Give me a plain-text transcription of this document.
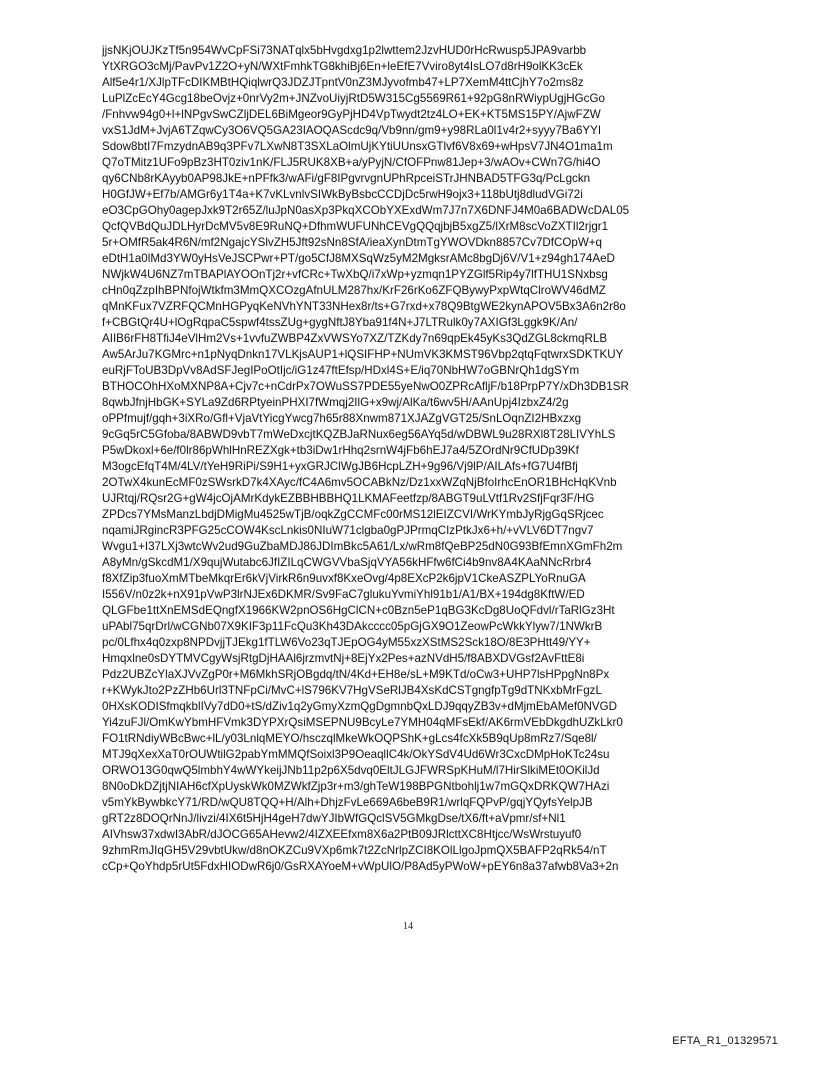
jjsNKjOUJKzTf5n954WvCpFSi73NATqlx5bHvgdxg1p2lwttem2JzvHUD0rHcRwusp5JPA9varbb
YtXRGO3cMj/PavPv1Z2O+yN/WXtFmhkTG8khiBj6En+leEfE7Vviro8yt4IsLO7d8rH9olKK3cEk
Alf5e4r1/XJlpTFcDIKMBtHQiqlwrQ3JDZJTpntV0nZ3MJyvofmb47+LP7XemM4ttCjhY7o2ms8z
LuPlZcEcY4Gcg18beOvjz+0nrVy2m+JNZvoUiyjRtD5W315Cg5569R61+92pG8nRWiypUgjHGcGo
/Fnhvw94g0+l+lNPgvSwCZljDEL6BiMgeor9GyPjHD4VpTwydt2tz4LO+EK+KT5MS15PY/AjwFZW
vxS1JdM+JvjA6TZqwCy3O6VQ5GA23IAOQAScdc9q/Vb9nn/gm9+y98RLa0l1v4r2+syyy7Ba6YYI
Sdow8btI7FmzydnAB9q3PFv7LXwN8T3SXLaOlmUjKYtiUUnsxGTlvf6V8x69+wHpsV7JN4O1ma1m
Q7oTMitz1UFo9pBz3HT0ziv1nK/FLJ5RUK8XB+a/yPyjN/CfOFPnw81Jep+3/wAOv+CWn7G/hi4O
qy6CNb8rKAyyb0AP98JkE+nPFfk3/wAFi/gF8IPgvrvgnUPhRpceiSTrJHNBAD5TFG3q/PcLgckn
H0GfJW+Ef7b/AMGr6y1T4a+K7vKLvnlvSIWkByBsbcCCDjDc5rwH9ojx3+118bUtj8dludVGi72i
eO3CpGOhy0agepJxk9T2r65Z/luJpN0asXp3PkqXCObYXExdWm7J7n7X6DNFJ4M0a6BADWcDAL05
QcfQVBdQuJDLHyrDcMV5v8E9RuNQ+DfhmWUFUNhCEVgQQqjbjB5xgZ5/lXrM8scVoZXTIl2rjgr1
5r+OMfR5ak4R6N/mf2NgajcYSlvZH5Jft92sNn8SfA/ieaXynDtmTgYWOVDkn8857Cv7DfCOpW+q
eDtH1a0lMd3YW0yHsVeJSCPwr+PT/go5CfJ8MXSqWz5yM2MgksrAMc8bgDj6V/V1+z94gh174AeD
NWjkW4U6NZ7mTBAPlAYOOnTj2r+vfCRc+TwXbQ/i7xWp+yzmqn1PYZGlf5Rip4y7lfTHU1SNxbsg
cHn0qZzpIhBPNfojWtkfm3MmQXCOzgAfnULM287hx/KrF26rKo6ZFQBywyPxpWtqClroWV46dMZ
qMnKFux7VZRFQCMnHGPyqKeNVhYNT33NHex8r/ts+G7rxd+x78Q9BtgWE2kynAPOV5Bx3A6n2r8o
f+CBGtQr4U+lOgRqpaC5spwf4tssZUg+gygNftJ8Yba91f4N+J7LTRulk0y7AXIGf3Lggk9K/An/
AIIB6rFH8TfiJ4eVlHm2Vs+1vvfuZWBP4ZxVWSYo7XZ/TZKdy7n69qpEk45yKs3QdZGL8ckmqRLB
Aw5ArJu7KGMrc+n1pNyqDnkn17VLKjsAUP1+lQSIFHP+NUmVK3KMST96Vbp2qtqFqtwrxSDKTKUY
euRjFToUB3DpVv8AdSFJegIPoOtIjc/iG1z47ftEfsp/HDxl4S+E/iq70NbHW7oGBNrQh1dgSYm
BTHOCOhHXoMXNP8A+Cjv7c+nCdrPx7OWuSS7PDE55yeNwO0ZPRcAfljF/b18PrpP7Y/xDh3DB1SR
8qwbJfnjHbGK+SYLa9Zd6RPtyeinPHXI7fWmqj2IlG+x9wj/AlKa/t6wv5H/AAnUpj4IzbxZ4/2g
oPPfmujf/gqh+3iXRo/Gfl+VjaVtYicgYwcg7h65r88Xnwm871XJAZgVGT25/SnLOqnZI2HBxzxg
9cGq5rC5Gfoba/8ABWD9vbT7mWeDxcjtKQZBJaRNux6eg56AYq5d/wDBWL9u28RXl8T28LIVYhLS
P5wDkoxl+6e/f0lr86pWhlHnREZXgk+tb3iDw1rHhq2srnW4jFb6hEJ7a4/5ZOrdNr9CfUDp39Kf
M3ogcEfqT4M/4LV/tYeH9RiPi/S9H1+yxGRJClWgJB6HcpLZH+9g96/Vj9lP/AILAfs+fG7U4fBfj
2OTwX4kunEcMF0zSWsrkD7k4XAyc/fC4A6mv5OCABkNz/Dz1xxWZqNjBfoIrhcEnOR1BHcHqKVnb
UJRtqj/RQsr2G+gW4jcOjAMrKdykEZBBHBBHQ1LKMAFeetfzp/8ABGT9uLVtf1Rv2SfjFqr3F/HG
ZPDcs7YMsManzLbdjDMigMu4525wTjB/oqkZgCCMFc00rMS12lEIZCVI/WrKYmbJyRjgGqSRjcec
nqamiJRgincR3PFG25cCOW4KscLnkis0NIuW71clgba0gPJPrmqCIzPtkJx6+h/+vVLV6DT7ngv7
Wvgu1+I37LXj3wtcWv2ud9GuZbaMDJ86JDImBkc5A61/Lx/wRm8fQeBP25dN0G93BfEmnXGmFh2m
A8yMn/gSkcdM1/X9qujWutabc6JfIZILqCWGVVbaSjqVYA56kHFfw6fCi4b9nv8A4KAaNNcRrbr4
f8XfZip3fuoXmMTbeMkqrEr6kVjVirkR6n9uvxf8KxeOvg/4p8EXcP2k6jpV1CkeASZPLYoRnuGA
I556V/n0z2k+nX91pVwP3lrNJEx6DKMR/Sv9FaC7glukuYvmiYhl91b1/A1/BX+194dg8KftW/ED
QLGFbe1ttXnEMSdEQngfX1966KW2pnOS6HgClCN+c0Bzn5eP1qBG3KcDg8UoQFdvl/rTaRlGz3Ht
uPAbl75qrDrl/wCGNb07X9KIF3p11FcQu3Kh43DAkcccc05pGjGX9O1ZeowPcWkkYlyw7/1NWkrB
pc/0Lfhx4q0zxp8NPDvjjTJEkg1fTLW6Vo23qTJEpOG4yM55xzXStMS2Sck18O/8E3PHtt49/YY+
Hmqxlne0sDYTMVCgyWsjRtgDjHAAl6jrzmvtNj+8EjYx2Pes+azNVdH5/f8ABXDVGsf2AvFttE8i
Pdz2UBZcYlaXJVvZgP0r+M6MkhSRjOBgdq/tN/4Kd+EH8e/sL+M9KTd/oCw3+UHP7lsHPpgNn8Px
r+KWykJto2PzZHb6Url3TNFpCi/MvC+lS796KV7HgVSeRlJB4XsKdCSTgngfpTg9dTNKxbMrFgzL
0HXsKODISfmqkblIVy7dD0+tS/dZiv1q2yGmyXzmQgDgmnbQxLDJ9qqyZB3v+dMjmEbAMef0NVGD
Yi4zuFJl/OmKwYbmHFVmk3DYPXrQsiMSEPNU9BcyLe7YMH04qMFsEkf/AK6rmVEbDkgdhUZkLkr0
FO1tRNdiyWBcBwc+lL/y03LnlqMEYO/hsczqlMkeWkOQPShK+gLcs4fcXk5B9qUp8mRz7/Sqe8l/
MTJ9qXexXaT0rOUWtilG2pabYmMMQfSoixl3P9OeaqllC4k/OkYSdV4Ud6Wr3CxcDMpHoKTc24su
ORWO13G0qwQ5lmbhY4wWYkeijJNb11p2p6X5dvq0EltJLGJFWRSpKHuM/l7HirSlkiMEt0OKilJd
8N0oDkDZjtjNIAH6cfXpUyskWk0MZWkfZjp3r+m3/ghTeW198BPGNtbohlj1w7mGQxDRKQW7HAzi
v5mYkBywbkcY71/RD/wQU8TQQ+H/Alh+DhjzFvLe669A6beB9R1/wrlqFQPvP/gqjYQyfsYelpJB
gRT2z8DOQrNnJ/livzi/4IX6t5HjH4geH7dwYJIbWfGQclSV5GMkgDse/tX6/ft+aVpmr/sf+Nl1
AIVhsw37xdwI3AbR/dJOCG65AHevw2/4IZXEEfxm8X6a2PtB09JRlcttXC8Htjcc/WsWrstuyuf0
9zhmRmJIqGH5V29vbtUkw/d8nOKZCu9VXp6mk7t2ZcNrlpZCI8KOlLlgoJpmQX5BAFP2qRk54/nT
cCp+QoYhdp5rUt5FdxHIODwR6j0/GsRXAYoeM+vWpUlO/P8Ad5yPWoW+pEY6n8a37afwb8Va3+2n
14
EFTA_R1_01329571
